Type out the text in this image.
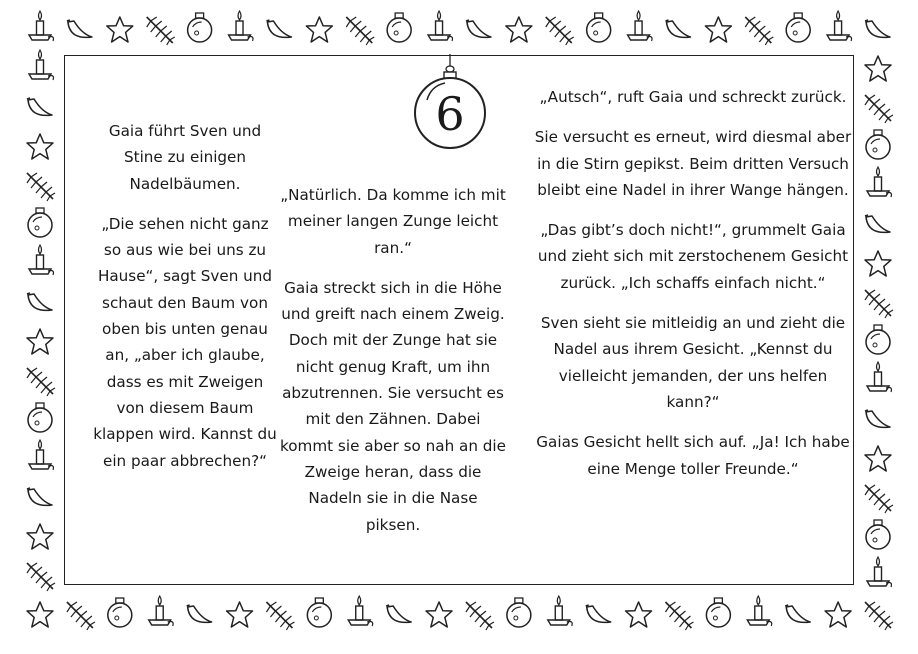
6

Gaia führt Sven und Stine zu einigen Nadelbäumen.

„Die sehen nicht ganz so aus wie bei uns zu Hause“, sagt Sven und schaut den Baum von oben bis unten genau an, „aber ich glaube, dass es mit Zweigen von diesem Baum klappen wird. Kannst du ein paar abbrechen?“

„Natürlich. Da komme ich mit meiner langen Zunge leicht ran.“

Gaia streckt sich in die Höhe und greift nach einem Zweig. Doch mit der Zunge hat sie nicht genug Kraft, um ihn abzutrennen. Sie versucht es mit den Zähnen. Dabei kommt sie aber so nah an die Zweige heran, dass die Nadeln sie in die Nase piksen.

„Autsch“, ruft Gaia und schreckt zurück.

Sie versucht es erneut, wird diesmal aber in die Stirn gepikst. Beim dritten Versuch bleibt eine Nadel in ihrer Wange hängen.

„Das gibt’s doch nicht!“, grummelt Gaia und zieht sich mit zerstochenem Gesicht zurück. „Ich schaffs einfach nicht.“

Sven sieht sie mitleidig an und zieht die Nadel aus ihrem Gesicht. „Kennst du vielleicht jemanden, der uns helfen kann?“

Gaias Gesicht hellt sich auf. „Ja! Ich habe eine Menge toller Freunde.“
